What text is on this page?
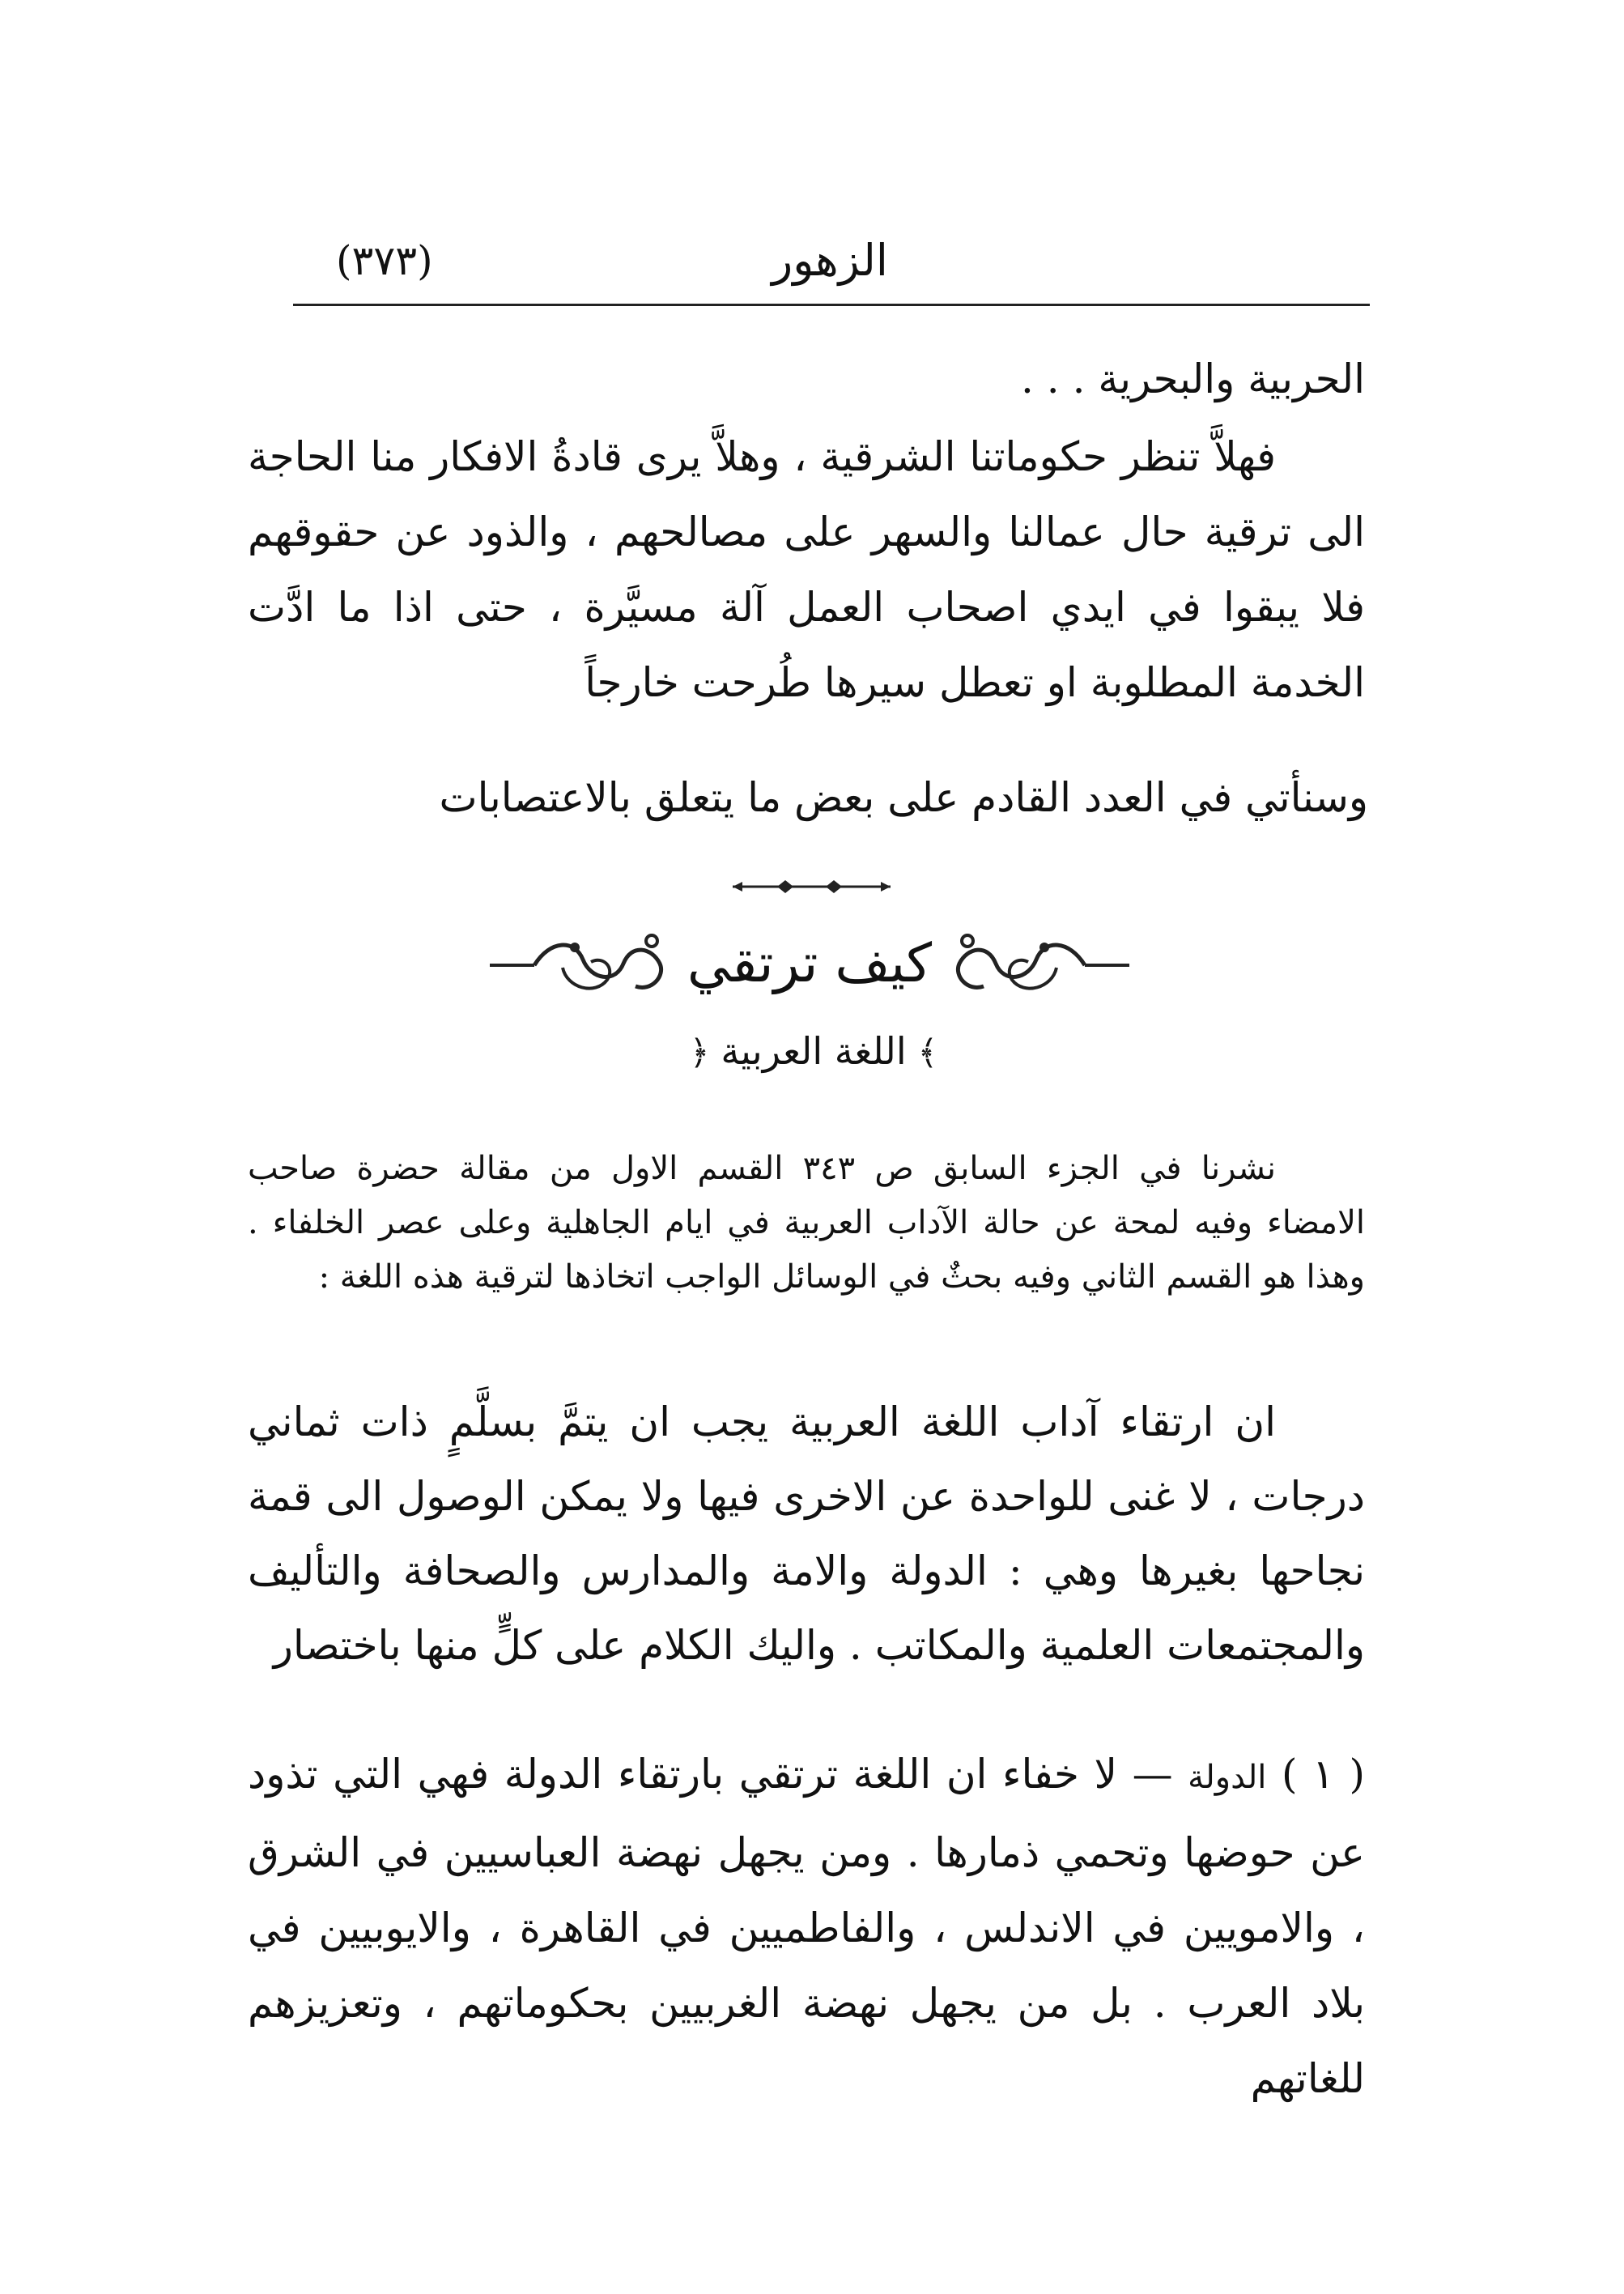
الزهور
(٣٧٣)

الحربية والبحرية . . .

فهلاَّ تنظر حكوماتنا الشرقية ، وهلاَّ يرى قادةُ الافكار منا الحاجة الى ترقية حال عمالنا والسهر على مصالحهم ، والذود عن حقوقهم فلا يبقوا في ايدي اصحاب العمل آلة مسيَّرة ، حتى اذا ما ادَّت الخدمة المطلوبة او تعطل سيرها طُرحت خارجاً

وسنأتي في العدد القادم على بعض ما يتعلق بالاعتصابات

كيف ترتقي
﴾اللغة العربية﴿

نشرنا في الجزء السابق ص ٣٤٣ القسم الاول من مقالة حضرة صاحب الامضاء وفيه لمحة عن حالة الآداب العربية في ايام الجاهلية وعلى عصر الخلفاء . وهذا هو القسم الثاني وفيه بحثٌ في الوسائل الواجب اتخاذها لترقية هذه اللغة :

ان ارتقاء آداب اللغة العربية يجب ان يتمَّ بسلَّمٍ ذات ثماني درجات ، لا غنى للواحدة عن الاخرى فيها ولا يمكن الوصول الى قمة نجاحها بغيرها وهي : الدولة والامة والمدارس والصحافة والتأليف والمجتمعات العلمية والمكاتب . واليك الكلام على كلٍّ منها باختصار

( ١ ) الدولة — لا خفاء ان اللغة ترتقي بارتقاء الدولة فهي التي تذود عن حوضها وتحمي ذمارها . ومن يجهل نهضة العباسيين في الشرق ، والامويين في الاندلس ، والفاطميين في القاهرة ، والايوبيين في بلاد العرب . بل من يجهل نهضة الغربيين بحكوماتهم ، وتعزيزهم للغاتهم
